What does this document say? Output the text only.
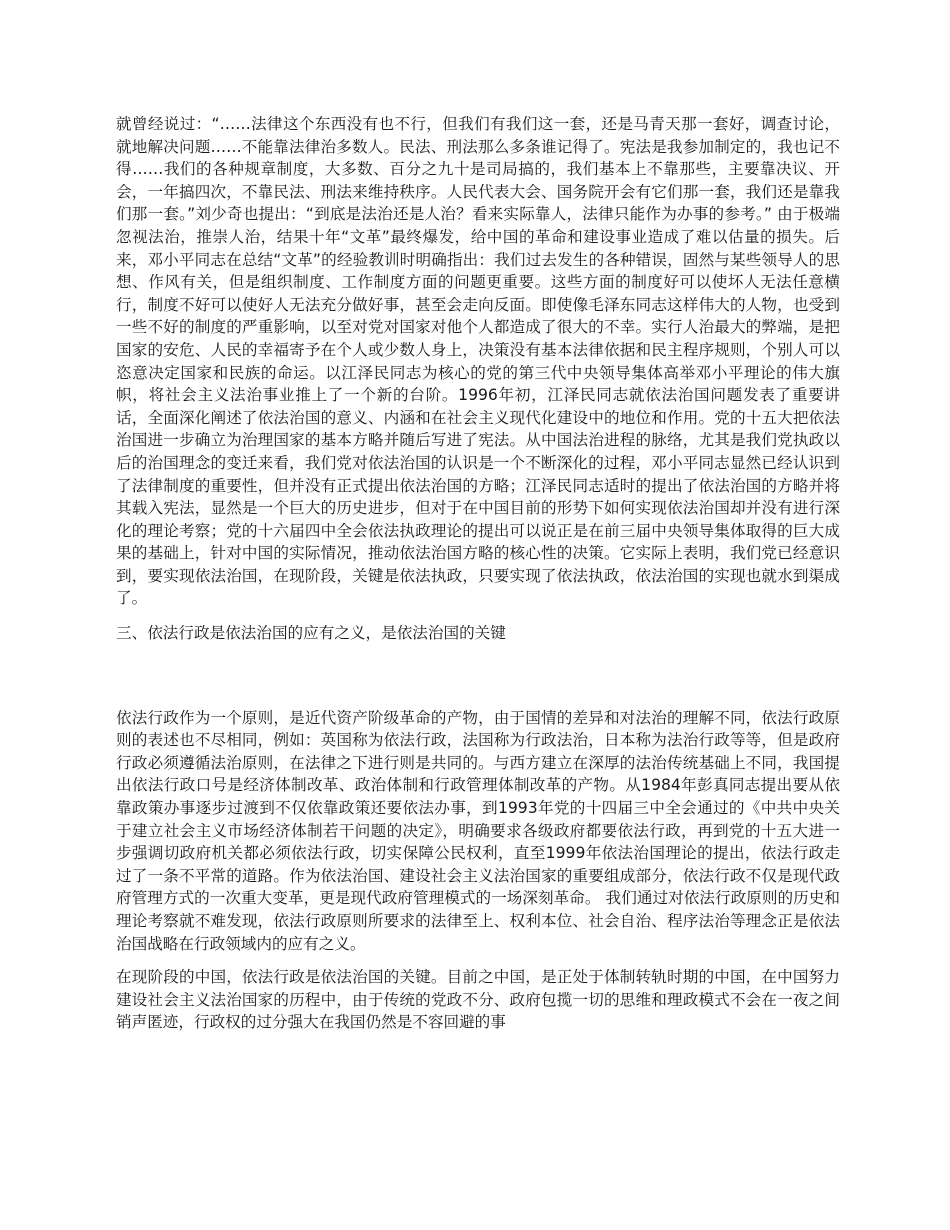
就曾经说过：“……法律这个东西没有也不行，但我们有我们这一套，还是马青天那一套好，调查讨论，就地解决问题……不能靠法律治多数人。民法、刑法那么多条谁记得了。宪法是我参加制定的，我也记不得……我们的各种规章制度，大多数、百分之九十是司局搞的，我们基本上不靠那些，主要靠决议、开会，一年搞四次，不靠民法、刑法来维持秩序。人民代表大会、国务院开会有它们那一套，我们还是靠我们那一套。”刘少奇也提出：“到底是法治还是人治？看来实际靠人，法律只能作为办事的参考。” 由于极端忽视法治，推崇人治，结果十年“文革”最终爆发，给中国的革命和建设事业造成了难以估量的损失。后来，邓小平同志在总结“文革”的经验教训时明确指出：我们过去发生的各种错误，固然与某些领导人的思想、作风有关，但是组织制度、工作制度方面的问题更重要。这些方面的制度好可以使坏人无法任意横行，制度不好可以使好人无法充分做好事，甚至会走向反面。即使像毛泽东同志这样伟大的人物，也受到一些不好的制度的严重影响，以至对党对国家对他个人都造成了很大的不幸。实行人治最大的弊端，是把国家的安危、人民的幸福寄予在个人或少数人身上，决策没有基本法律依据和民主程序规则，个别人可以恣意决定国家和民族的命运。以江泽民同志为核心的党的第三代中央领导集体高举邓小平理论的伟大旗帜，将社会主义法治事业推上了一个新的台阶。1996年初，江泽民同志就依法治国问题发表了重要讲话，全面深化阐述了依法治国的意义、内涵和在社会主义现代化建设中的地位和作用。党的十五大把依法治国进一步确立为治理国家的基本方略并随后写进了宪法。从中国法治进程的脉络，尤其是我们党执政以后的治国理念的变迁来看，我们党对依法治国的认识是一个不断深化的过程，邓小平同志显然已经认识到了法律制度的重要性，但并没有正式提出依法治国的方略；江泽民同志适时的提出了依法治国的方略并将其载入宪法，显然是一个巨大的历史进步，但对于在中国目前的形势下如何实现依法治国却并没有进行深化的理论考察；党的十六届四中全会依法执政理论的提出可以说正是在前三届中央领导集体取得的巨大成果的基础上，针对中国的实际情况，推动依法治国方略的核心性的决策。它实际上表明，我们党已经意识到，要实现依法治国，在现阶段，关键是依法执政，只要实现了依法执政，依法治国的实现也就水到渠成了。

三、依法行政是依法治国的应有之义，是依法治国的关键

依法行政作为一个原则，是近代资产阶级革命的产物，由于国情的差异和对法治的理解不同，依法行政原则的表述也不尽相同，例如：英国称为依法行政，法国称为行政法治，日本称为法治行政等等，但是政府行政必须遵循法治原则，在法律之下进行则是共同的。与西方建立在深厚的法治传统基础上不同，我国提出依法行政口号是经济体制改革、政治体制和行政管理体制改革的产物。从1984年彭真同志提出要从依靠政策办事逐步过渡到不仅依靠政策还要依法办事，到1993年党的十四届三中全会通过的《中共中央关于建立社会主义市场经济体制若干问题的决定》，明确要求各级政府都要依法行政，再到党的十五大进一步强调切政府机关都必须依法行政，切实保障公民权利，直至1999年依法治国理论的提出，依法行政走过了一条不平常的道路。作为依法治国、建设社会主义法治国家的重要组成部分，依法行政不仅是现代政府管理方式的一次重大变革，更是现代政府管理模式的一场深刻革命。 我们通过对依法行政原则的历史和理论考察就不难发现，依法行政原则所要求的法律至上、权利本位、社会自治、程序法治等理念正是依法治国战略在行政领域内的应有之义。

在现阶段的中国，依法行政是依法治国的关键。目前之中国，是正处于体制转轨时期的中国，在中国努力建设社会主义法治国家的历程中，由于传统的党政不分、政府包揽一切的思维和理政模式不会在一夜之间销声匿迹，行政权的过分强大在我国仍然是不容回避的事
